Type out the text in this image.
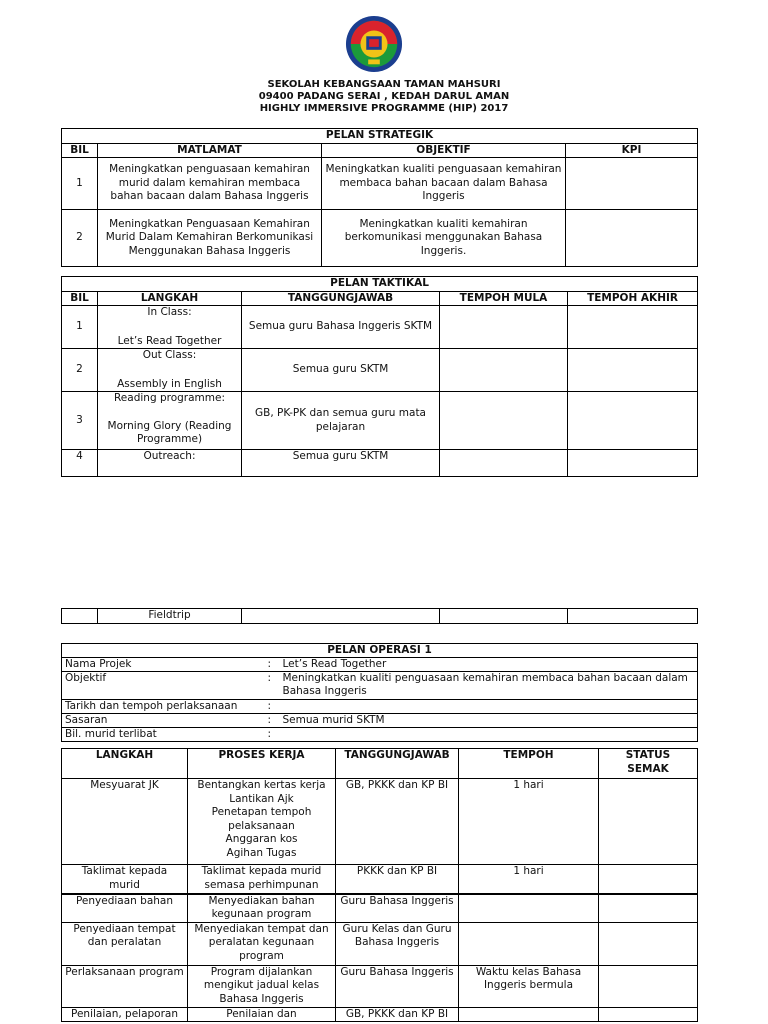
SEKOLAH KEBANGSAAN TAMAN MAHSURI
09400 PADANG SERAI , KEDAH DARUL AMAN
HIGHLY IMMERSIVE PROGRAMME (HIP) 2017
PELAN STRATEGIK			
BIL	MATLAMAT	OBJEKTIF	KPI
1	Meningkatkan penguasaan kemahiran murid dalam kemahiran membaca bahan bacaan dalam Bahasa Inggeris	Meningkatkan kualiti penguasaan kemahiran membaca bahan bacaan dalam Bahasa Inggeris	
2	Meningkatkan Penguasaan Kemahiran Murid Dalam Kemahiran Berkomunikasi Menggunakan Bahasa Inggeris	Meningkatkan kualiti kemahiran berkomunikasi menggunakan Bahasa Inggeris.	
PELAN TAKTIKAL				
BIL	LANGKAH	TANGGUNGJAWAB	TEMPOH MULA	TEMPOH AKHIR
1	In Class:
Let’s Read Together	Semua guru Bahasa Inggeris SKTM		
2	Out Class:
Assembly in English	Semua guru SKTM		
3	Reading programme:
Morning Glory (Reading Programme)	GB, PK-PK dan semua guru mata pelajaran		
4	Outreach:	Semua guru SKTM		
	Fieldtrip			
PELAN OPERASI 1		
Nama Projek	:	Let’s Read Together
Objektif	:	Meningkatkan kualiti penguasaan kemahiran membaca bahan bacaan dalam Bahasa Inggeris
Tarikh dan tempoh perlaksanaan	:	
Sasaran	:	Semua murid SKTM
Bil. murid terlibat	:	
LANGKAH	PROSES KERJA	TANGGUNGJAWAB	TEMPOH	STATUS SEMAK
Mesyuarat JK	Bentangkan kertas kerja
Lantikan Ajk
Penetapan tempoh pelaksanaan
Anggaran kos
Agihan Tugas	GB, PKKK dan KP BI	1 hari	
Taklimat kepada murid	Taklimat kepada murid semasa perhimpunan	PKKK dan KP BI	1 hari	
Penyediaan bahan	Menyediakan bahan kegunaan program	Guru Bahasa Inggeris		
Penyediaan tempat dan peralatan	Menyediakan tempat dan peralatan kegunaan program	Guru Kelas dan Guru Bahasa Inggeris		
Perlaksanaan program	Program dijalankan mengikut jadual kelas Bahasa Inggeris	Guru Bahasa Inggeris	Waktu kelas Bahasa Inggeris bermula	
Penilaian, pelaporan	Penilaian dan	GB, PKKK dan KP BI		
